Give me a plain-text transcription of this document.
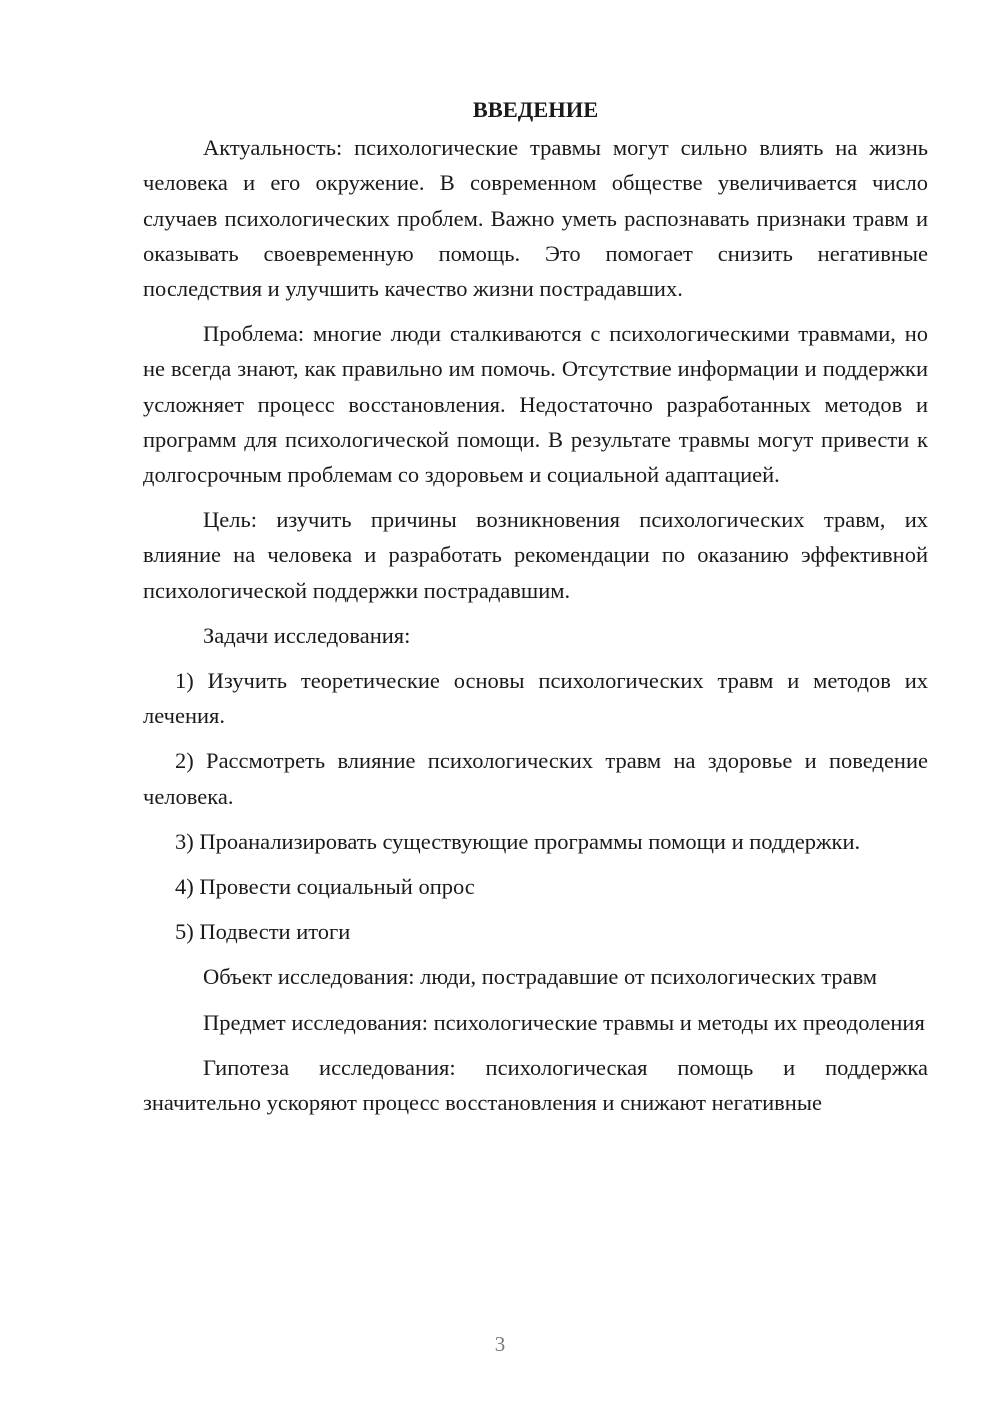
ВВЕДЕНИЕ

Актуальность: психологические травмы могут сильно влиять на жизнь человека и его окружение. В современном обществе увеличивается число случаев психологических проблем. Важно уметь распознавать признаки травм и оказывать своевременную помощь. Это помогает снизить негативные последствия и улучшить качество жизни пострадавших.

Проблема: многие люди сталкиваются с психологическими травмами, но не всегда знают, как правильно им помочь. Отсутствие информации и поддержки усложняет процесс восстановления. Недостаточно разработанных методов и программ для психологической помощи. В результате травмы могут привести к долгосрочным проблемам со здоровьем и социальной адаптацией.

Цель: изучить причины возникновения психологических травм, их влияние на человека и разработать рекомендации по оказанию эффективной психологической поддержки пострадавшим.

Задачи исследования:

1) Изучить теоретические основы психологических травм и методов их лечения.

2) Рассмотреть влияние психологических травм на здоровье и поведение человека.

3) Проанализировать существующие программы помощи и поддержки.

4) Провести социальный опрос

5) Подвести итоги

Объект исследования: люди, пострадавшие от психологических травм

Предмет исследования: психологические травмы и методы их преодоления

Гипотеза исследования: психологическая помощь и поддержка значительно ускоряют процесс восстановления и снижают негативные

3
